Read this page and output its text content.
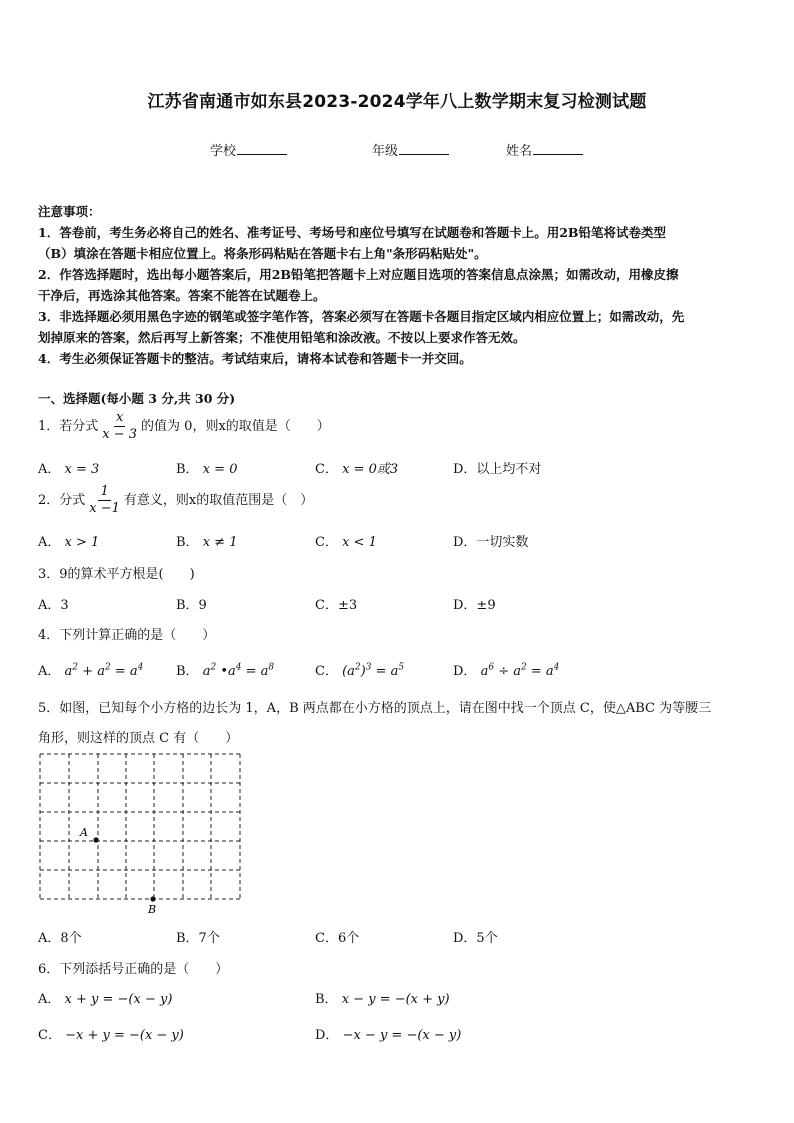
江苏省南通市如东县2023-2024学年八上数学期末复习检测试题
学校	年级	姓名
注意事项：
1．答卷前，考生务必将自己的姓名、准考证号、考场号和座位号填写在试题卷和答题卡上。用2B铅笔将试卷类型
（B）填涂在答题卡相应位置上。将条形码粘贴在答题卡右上角"条形码粘贴处"。
2．作答选择题时，选出每小题答案后，用2B铅笔把答题卡上对应题目选项的答案信息点涂黑；如需改动，用橡皮擦
干净后，再选涂其他答案。答案不能答在试题卷上。
3．非选择题必须用黑色字迹的钢笔或签字笔作答，答案必须写在答题卡各题目指定区域内相应位置上；如需改动，先
划掉原来的答案，然后再写上新答案；不准使用铅笔和涂改液。不按以上要求作答无效。
4．考生必须保证答题卡的整洁。考试结束后，请将本试卷和答题卡一并交回。
一、选择题(每小题 3 分,共 30 分)
1．若分式 $\frac{x}{x - 3}$ 的值为 0，则x的取值是（　　）
A． x = 3	B． x = 0	C． x = 0或3	D．以上均不对
2．分式 $\frac{1}{x -1}$ 有意义，则x的取值范围是（　）
A． x > 1	B． x ≠ 1	C． x < 1	D．一切实数
3．9的算术平方根是(　　)
A．3	B．9	C．±3	D．±9
4．下列计算正确的是（　　）
A． $a^2 + a^2 = a^4$	B． $a^2$ $•a^4 = a^8$	C． $(a^2)^3 = a^5$	D． $a^6 \div a^2 = a^4$
5．如图，已知每个小方格的边长为 1，A，B 两点都在小方格的顶点上，请在图中找一个顶点 C，使△ABC 为等腰三
角形，则这样的顶点 C 有（　　）
A
B
A．8个	B．7个	C．6个	D．5个
6．下列添括号正确的是（　　）
A． x + y = −(x − y)	B． x − y = −(x + y)
C． −x + y = −(x − y)	D． −x − y = −(x − y)
